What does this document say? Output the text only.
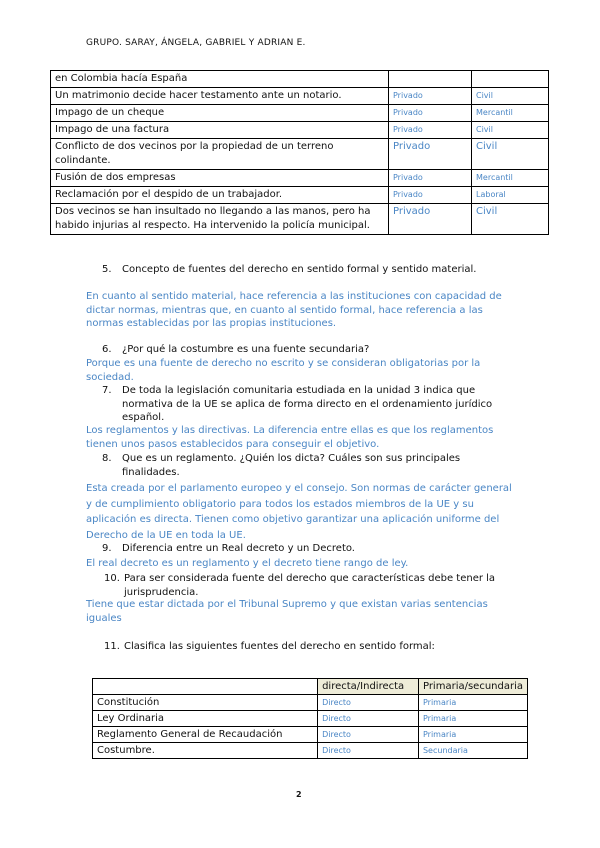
GRUPO. SARAY, ÁNGELA, GABRIEL Y ADRIAN E.
en Colombia hacía España		
Un matrimonio decide hacer testamento ante un notario.	Privado	Civil
Impago de un cheque	Privado	Mercantil
Impago de una factura	Privado	Civil
Conflicto de dos vecinos por la propiedad de un terreno colindante.	Privado	Civil
Fusión de dos empresas	Privado	Mercantil
Reclamación por el despido de un trabajador.	Privado	Laboral
Dos vecinos se han insultado no llegando a las manos, pero ha
habido injurias al respecto. Ha intervenido la policía municipal.	Privado	Civil
5.	Concepto de fuentes del derecho en sentido formal y sentido material.
En cuanto al sentido material, hace referencia a las instituciones con capacidad de dictar normas, mientras que, en cuanto al sentido formal, hace referencia a las normas establecidas por las propias instituciones.
6.	¿Por qué la costumbre es una fuente secundaria?
Porque es una fuente de derecho no escrito y se consideran obligatorias por la sociedad.
7.	De toda la legislación comunitaria estudiada en la unidad 3 indica que normativa de la UE se aplica de forma directo en el ordenamiento jurídico español.
Los reglamentos y las directivas. La diferencia entre ellas es que los reglamentos tienen unos pasos establecidos para conseguir el objetivo.
8.	Que es un reglamento. ¿Quién los dicta? Cuáles son sus principales finalidades.
Esta creada por el parlamento europeo y el consejo. Son normas de carácter general y de cumplimiento obligatorio para todos los estados miembros de la UE y su aplicación es directa. Tienen como objetivo garantizar una aplicación uniforme del Derecho de la UE en toda la UE.
9.	Diferencia entre un Real decreto y un Decreto.
El real decreto es un reglamento y el decreto tiene rango de ley.
10. Para ser considerada fuente del derecho que características debe tener la jurisprudencia.
Tiene que estar dictada por el Tribunal Supremo y que existan varias sentencias iguales
11. Clasifica las siguientes fuentes del derecho en sentido formal:
	directa/Indirecta	Primaria/secundaria
Constitución	Directo	Primaria
Ley Ordinaria	Directo	Primaria
Reglamento General de Recaudación	Directo	Primaria
Costumbre.	Directo	Secundaria
2
